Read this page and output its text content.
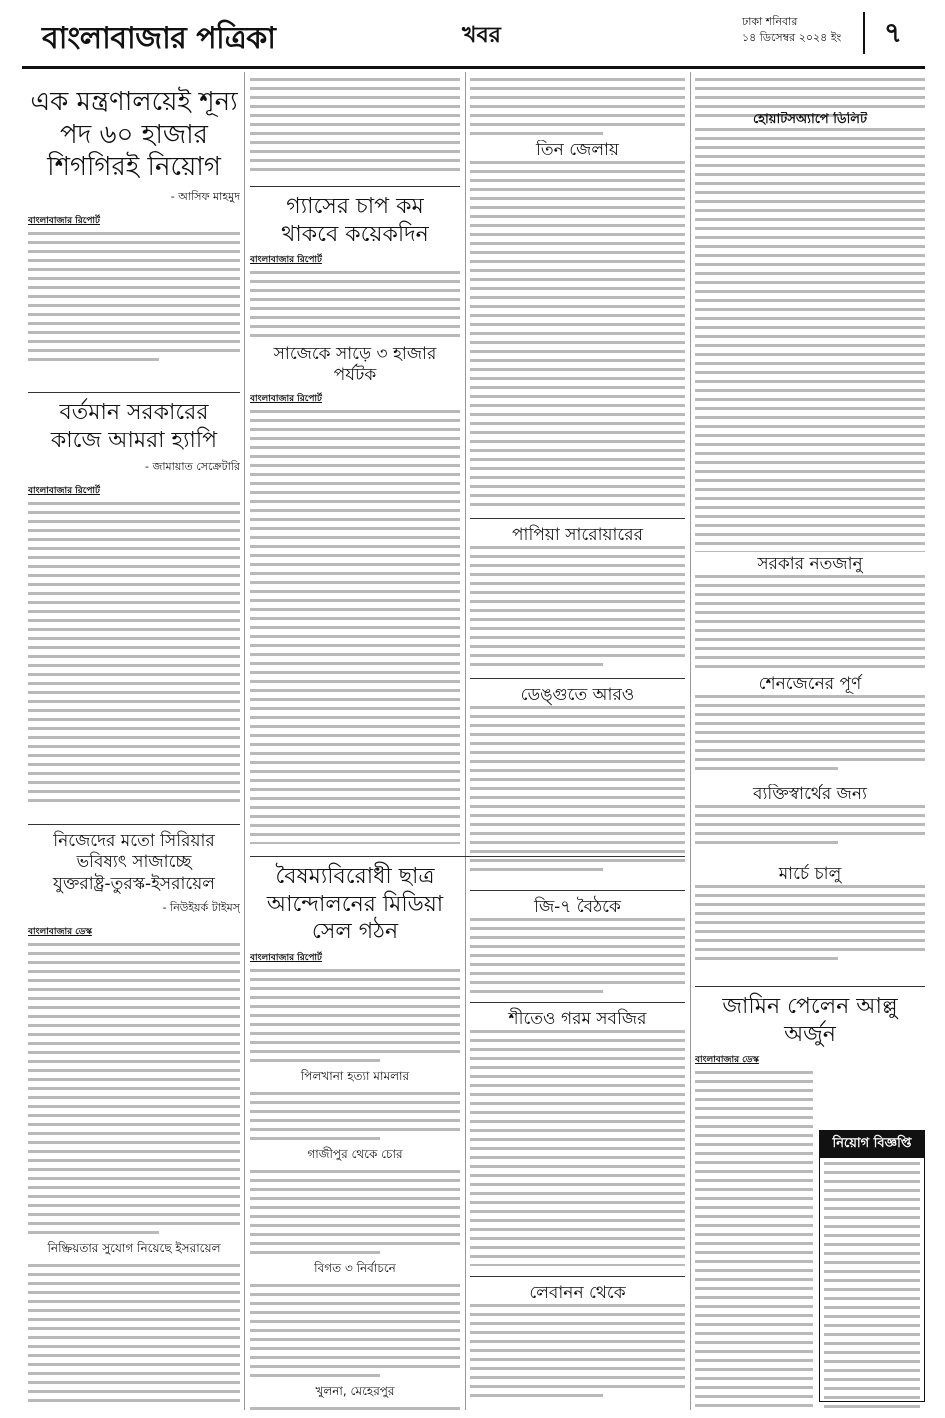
বাংলাবাজার পত্রিকা	খবর
ঢাকা শনিবার
১৪ ডিসেম্বর ২০২৪ ইং	৭

এক মন্ত্রণালয়েই শূন্য

পদ ৬০ হাজার

শিগগিরই নিয়োগ

- আসিফ মাহমুদ
বাংলাবাজার রিপোর্ট

বর্তমান সরকারের

কাজে আমরা হ্যাপি

- জামায়াত সেক্রেটারি
বাংলাবাজার রিপোর্ট

নিজেদের মতো সিরিয়ার

ভবিষ্যৎ সাজাচ্ছে

যুক্তরাষ্ট্র-তুরস্ক-ইসরায়েল

- নিউইয়র্ক টাইমস্
বাংলাবাজার ডেস্ক
নিষ্ক্রিয়তার সুযোগ নিয়েছে ইসরায়েল

গ্যাসের চাপ কম

থাকবে কয়েকদিন

বাংলাবাজার রিপোর্ট

সাজেকে সাড়ে ৩ হাজার পর্যটক

বাংলাবাজার রিপোর্ট

বৈষম্যবিরোধী ছাত্র

আন্দোলনের মিডিয়া

সেল গঠন

বাংলাবাজার রিপোর্ট
পিলখানা হত্যা মামলার
গাজীপুর থেকে চোর
বিগত ৩ নির্বাচনে
খুলনা, মেহেরপুর

তিন জেলায়

পাপিয়া সারোয়ারের

ডেঙ্গুতে আরও

জি-৭ বৈঠকে

শীতেও গরম সবজির

লেবানন থেকে

হোয়াটসঅ্যাপে ডিলিট

সরকার নতজানু

শেনজেনের পূর্ণ

ব্যক্তিস্বার্থের জন্য

মার্চে চালু

জামিন পেলেন আল্লু অর্জুন

বাংলাবাজার ডেস্ক
নিয়োগ বিজ্ঞপ্তি
